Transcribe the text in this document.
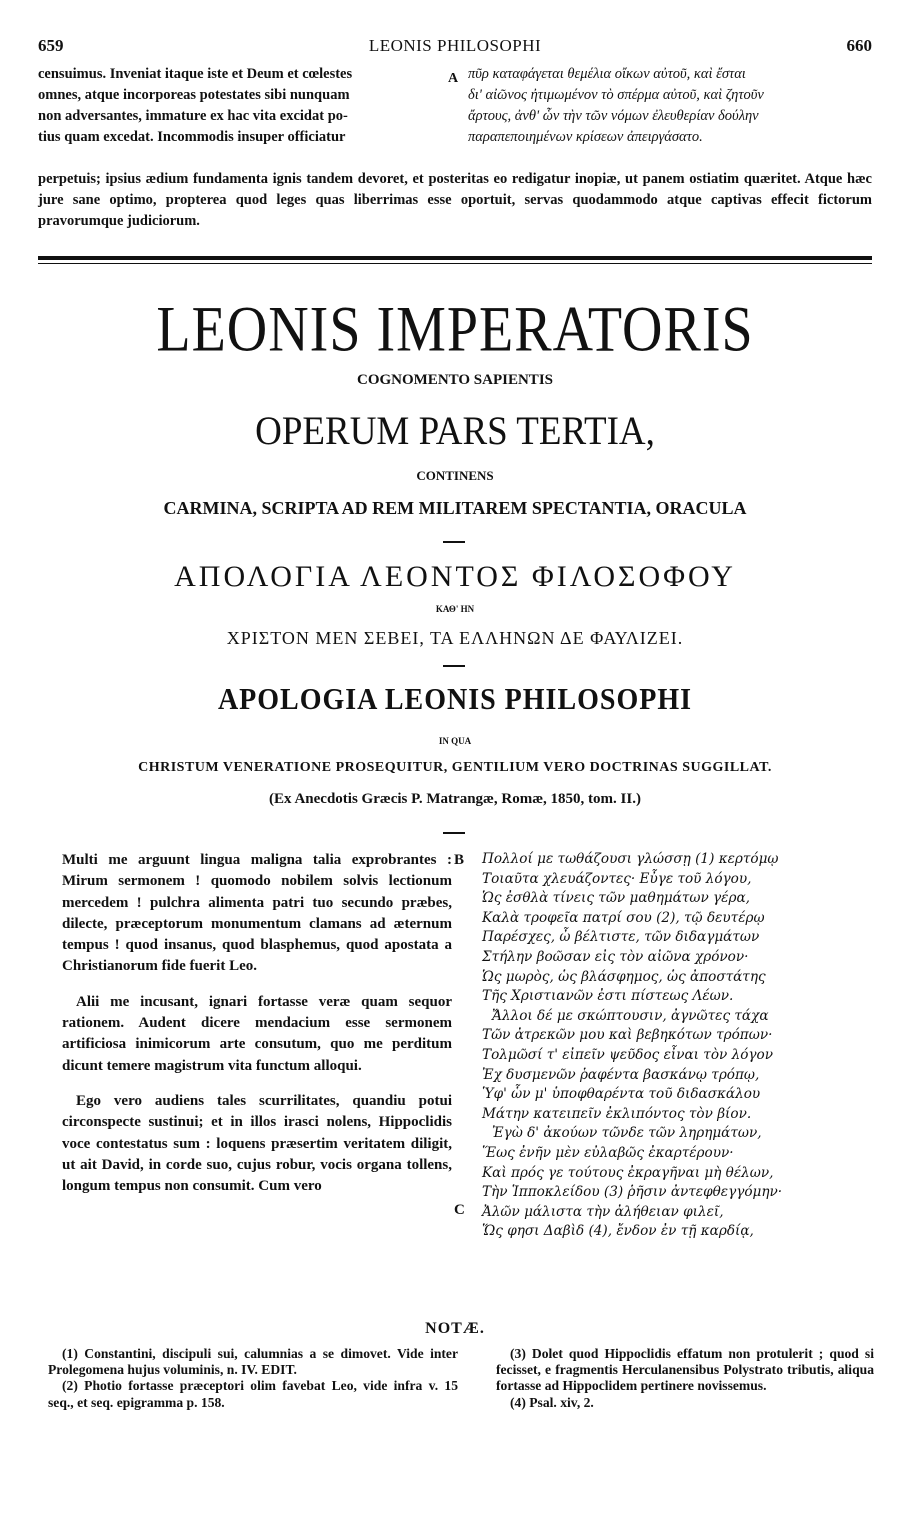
659	LEONIS PHILOSOPHI	660
censuimus. Inveniat itaque iste et Deum et cœlestes
omnes, atque incorporeas potestates sibi nunquam
non adversantes, immature ex hac vita excidat po-
tius quam excedat. Incommodis insuper officiatur
A πῦρ καταφάγεται θεμέλια οἴκων αὐτοῦ, καὶ ἔσται
δι' αἰῶνος ἠτιμωμένον τὸ σπέρμα αὐτοῦ, καὶ ζητοῦν
ἄρτους, ἀνθ' ὧν τὴν τῶν νόμων ἐλευθερίαν δούλην
παραπεποιημένων κρίσεων ἀπειργάσατο.
perpetuis; ipsius ædium fundamenta ignis tandem devoret, et posteritas eo redigatur inopiæ, ut panem ostiatim quæritet. Atque hæc jure sane optimo, propterea quod leges quas liberrimas esse oportuit, servas quodammodo atque captivas effecit fictorum pravorumque judiciorum.
LEONIS IMPERATORIS
COGNOMENTO SAPIENTIS
OPERUM PARS TERTIA,
CONTINENS
CARMINA, SCRIPTA AD REM MILITAREM SPECTANTIA, ORACULA
ΑΠΟΛΟΓΙΑ ΛΕΟΝΤΟΣ ΦΙΛΟΣΟΦΟΥ
ΚΑΘ' ΗΝ
ΧΡΙΣΤΟΝ ΜΕΝ ΣΕΒΕΙ, ΤΑ ΕΛΛΗΝΩΝ ΔΕ ΦΑΥΛΙΖΕΙ.
APOLOGIA LEONIS PHILOSOPHI
IN QUA
CHRISTUM VENERATIONE PROSEQUITUR, GENTILIUM VERO DOCTRINAS SUGGILLAT.
(Ex Anecdotis Græcis P. Matrangæ, Romæ, 1850, tom. II.)

Multi me arguunt lingua maligna talia exprobrantes : Mirum sermonem ! quomodo nobilem solvis lectionum mercedem ! pulchra alimenta patri tuo secundo præbes, dilecte, præceptorum monumentum clamans ad æternum tempus ! quod insanus, quod blasphemus, quod apostata a Christianorum fide fuerit Leo.

Alii me incusant, ignari fortasse veræ quam sequor rationem. Audent dicere mendacium esse sermonem artificiosa inimicorum arte consutum, quo me perditum dicunt temere magistrum vita functum alloqui.

Ego vero audiens tales scurrilitates, quandiu potui circonspecte sustinui; et in illos irasci nolens, Hippoclidis voce contestatus sum : loquens præsertim veritatem diligit, ut ait David, in corde suo, cujus robur, vocis organa tollens, longum tempus non consumit. Cum vero

B
C
Πολλοί με τωθάζουσι γλώσσῃ (1) κερτόμῳ
Τοιαῦτα χλευάζοντες· Εὖγε τοῦ λόγου,
Ὡς ἐσθλὰ τίνεις τῶν μαθημάτων γέρα,
Καλὰ τροφεῖα πατρί σου (2), τῷ δευτέρῳ
Παρέσχες, ὦ βέλτιστε, τῶν διδαγμάτων
Στήλην βοῶσαν εἰς τὸν αἰῶνα χρόνον·
Ὡς μωρὸς, ὡς βλάσφημος, ὡς ἀποστάτης
Τῆς Χριστιανῶν ἐστι πίστεως Λέων.
Ἄλλοι δέ με σκώπτουσιν, ἀγνῶτες τάχα
Τῶν ἀτρεκῶν μου καὶ βεβηκότων τρόπων·
Τολμῶσί τ' εἰπεῖν ψεῦδος εἶναι τὸν λόγον
Ἐχ δυσμενῶν ῥαφέντα βασκάνῳ τρόπῳ,
Ὑφ' ὧν μ' ὑποφθαρέντα τοῦ διδασκάλου
Μάτην κατειπεῖν ἐκλιπόντος τὸν βίον.
Ἐγὼ δ' ἀκούων τῶνδε τῶν ληρημάτων,
Ἕως ἐνῆν μὲν εὐλαβῶς ἐκαρτέρουν·
Καὶ πρός γε τούτους ἐκραγῆναι μὴ θέλων,
Τὴν Ἱπποκλείδου (3) ῥῆσιν ἀντεφθεγγόμην·
Ἀλῶν μάλιστα τὴν ἀλήθειαν φιλεῖ,
Ὥς φησι Δαβὶδ (4), ἔνδον ἐν τῇ καρδίᾳ,
NOTÆ.

(1) Constantini, discipuli sui, calumnias a se dimovet. Vide inter Prolegomena hujus voluminis, n. IV. EDIT.

(2) Photio fortasse præceptori olim favebat Leo, vide infra v. 15 seq., et seq. epigramma p. 158.

(3) Dolet quod Hippoclidis effatum non protulerit ; quod si fecisset, e fragmentis Herculanensibus Polystrato tributis, aliqua fortasse ad Hippoclidem pertinere novissemus.

(4) Psal. xiv, 2.
